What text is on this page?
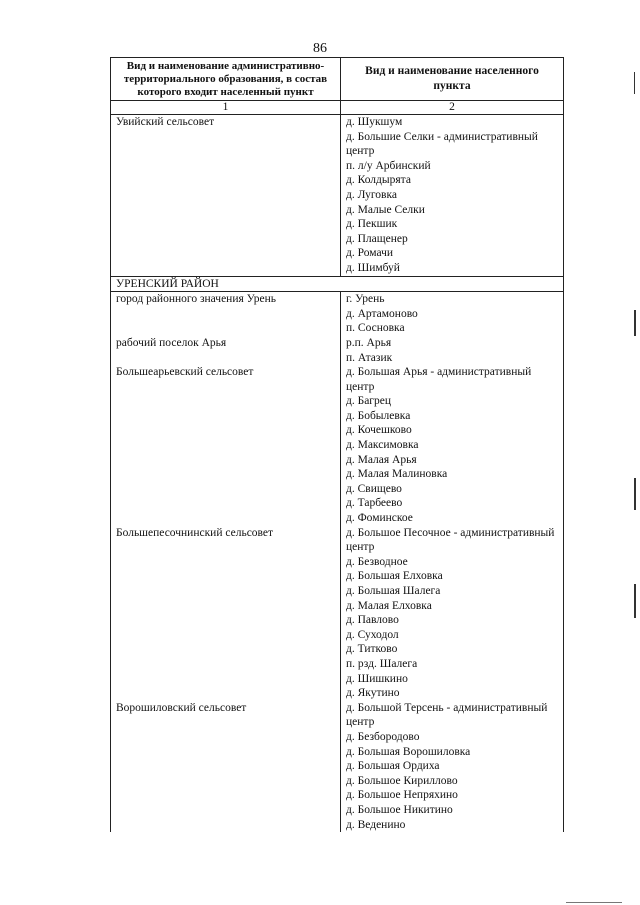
86
Вид и наименование административно-территориального образования, в состав которого входит населенный пункт
Вид и наименование населенного пункта
1	2
Увийский сельсовет	д. Шукшум
д. Большие Селки - административный центр
п. л/у Арбинский
д. Колдырята
д. Луговка
д. Малые Селки
д. Пекшик
д. Плащенер
д. Ромачи
д. Шимбуй
УРЕНСКИЙ РАЙОН
город районного значения Урень	г. Урень
д. Артамоново
п. Сосновка
рабочий поселок Арья	р.п. Арья
п. Атазик
Большеарьевский сельсовет	д. Большая Арья - административный центр
д. Багрец
д. Бобылевка
д. Кочешково
д. Максимовка
д. Малая Арья
д. Малая Малиновка
д. Свищево
д. Тарбеево
д. Фоминское
Большепесочнинский сельсовет	д. Большое Песочное - административный центр
д. Безводное
д. Большая Елховка
д. Большая Шалега
д. Малая Елховка
д. Павлово
д. Суходол
д. Титково
п. рзд. Шалега
д. Шишкино
д. Якутино
Ворошиловский сельсовет	д. Большой Терсень - административный центр
д. Безбородово
д. Большая Ворошиловка
д. Большая Ордиха
д. Большое Кириллово
д. Большое Непряхино
д. Большое Никитино
д. Веденино
